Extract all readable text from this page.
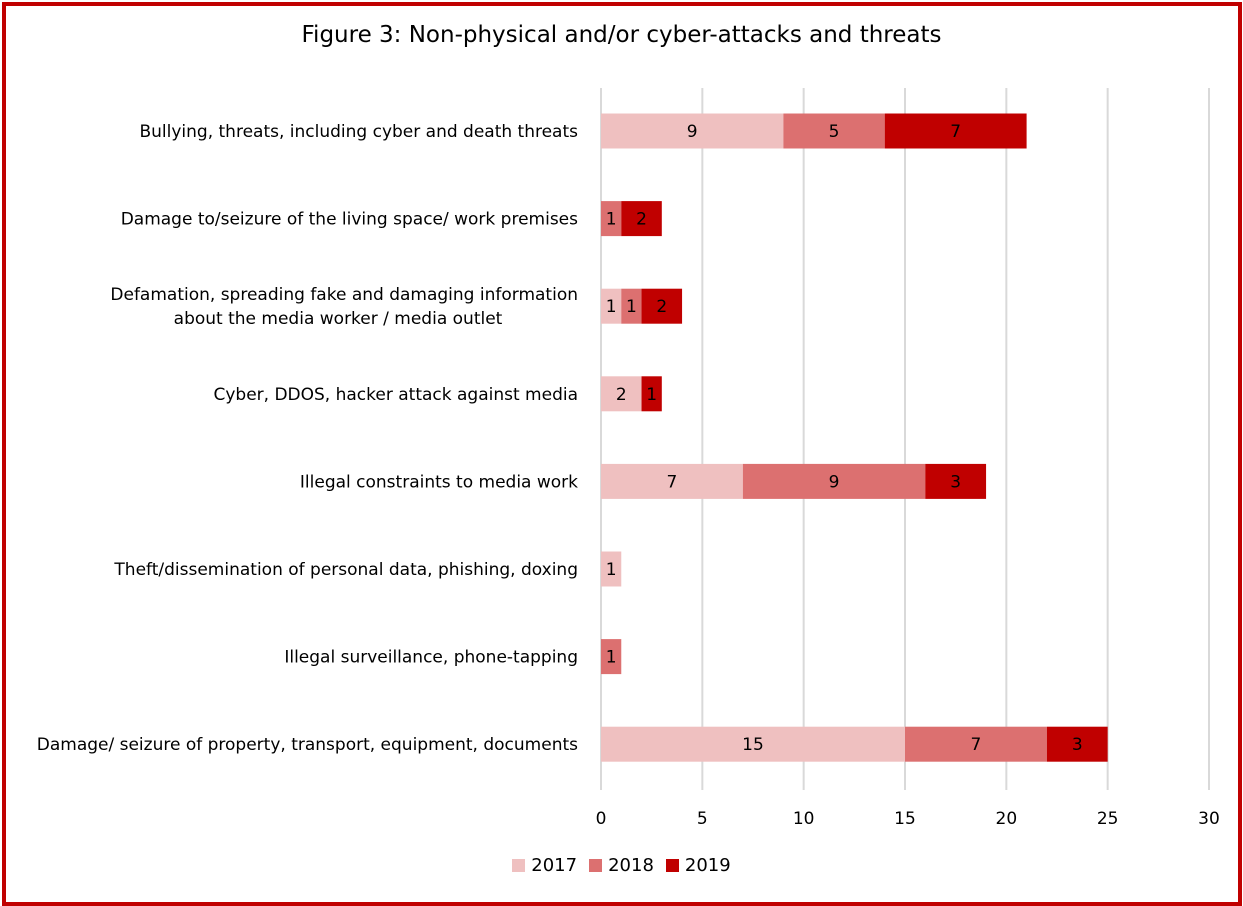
Figure 3: Non-physical and/or cyber-attacks and threats
0	5	10	15	20	25	30
Bullying, threats, including cyber and death threats	9	5	7
Damage to/seizure of the living space/ work premises 1 2
Defamation, spreading fake and damaging information
about the media worker / media outlet
1 1 2
Cyber, DDOS, hacker attack against media 2 1
Illegal constraints to media work	7	9	3
Theft/dissemination of personal data, phishing, doxing 1
Illegal surveillance, phone-tapping 1
Damage/ seizure of property, transport, equipment, documents	15	7	3
2017 2018 2019
